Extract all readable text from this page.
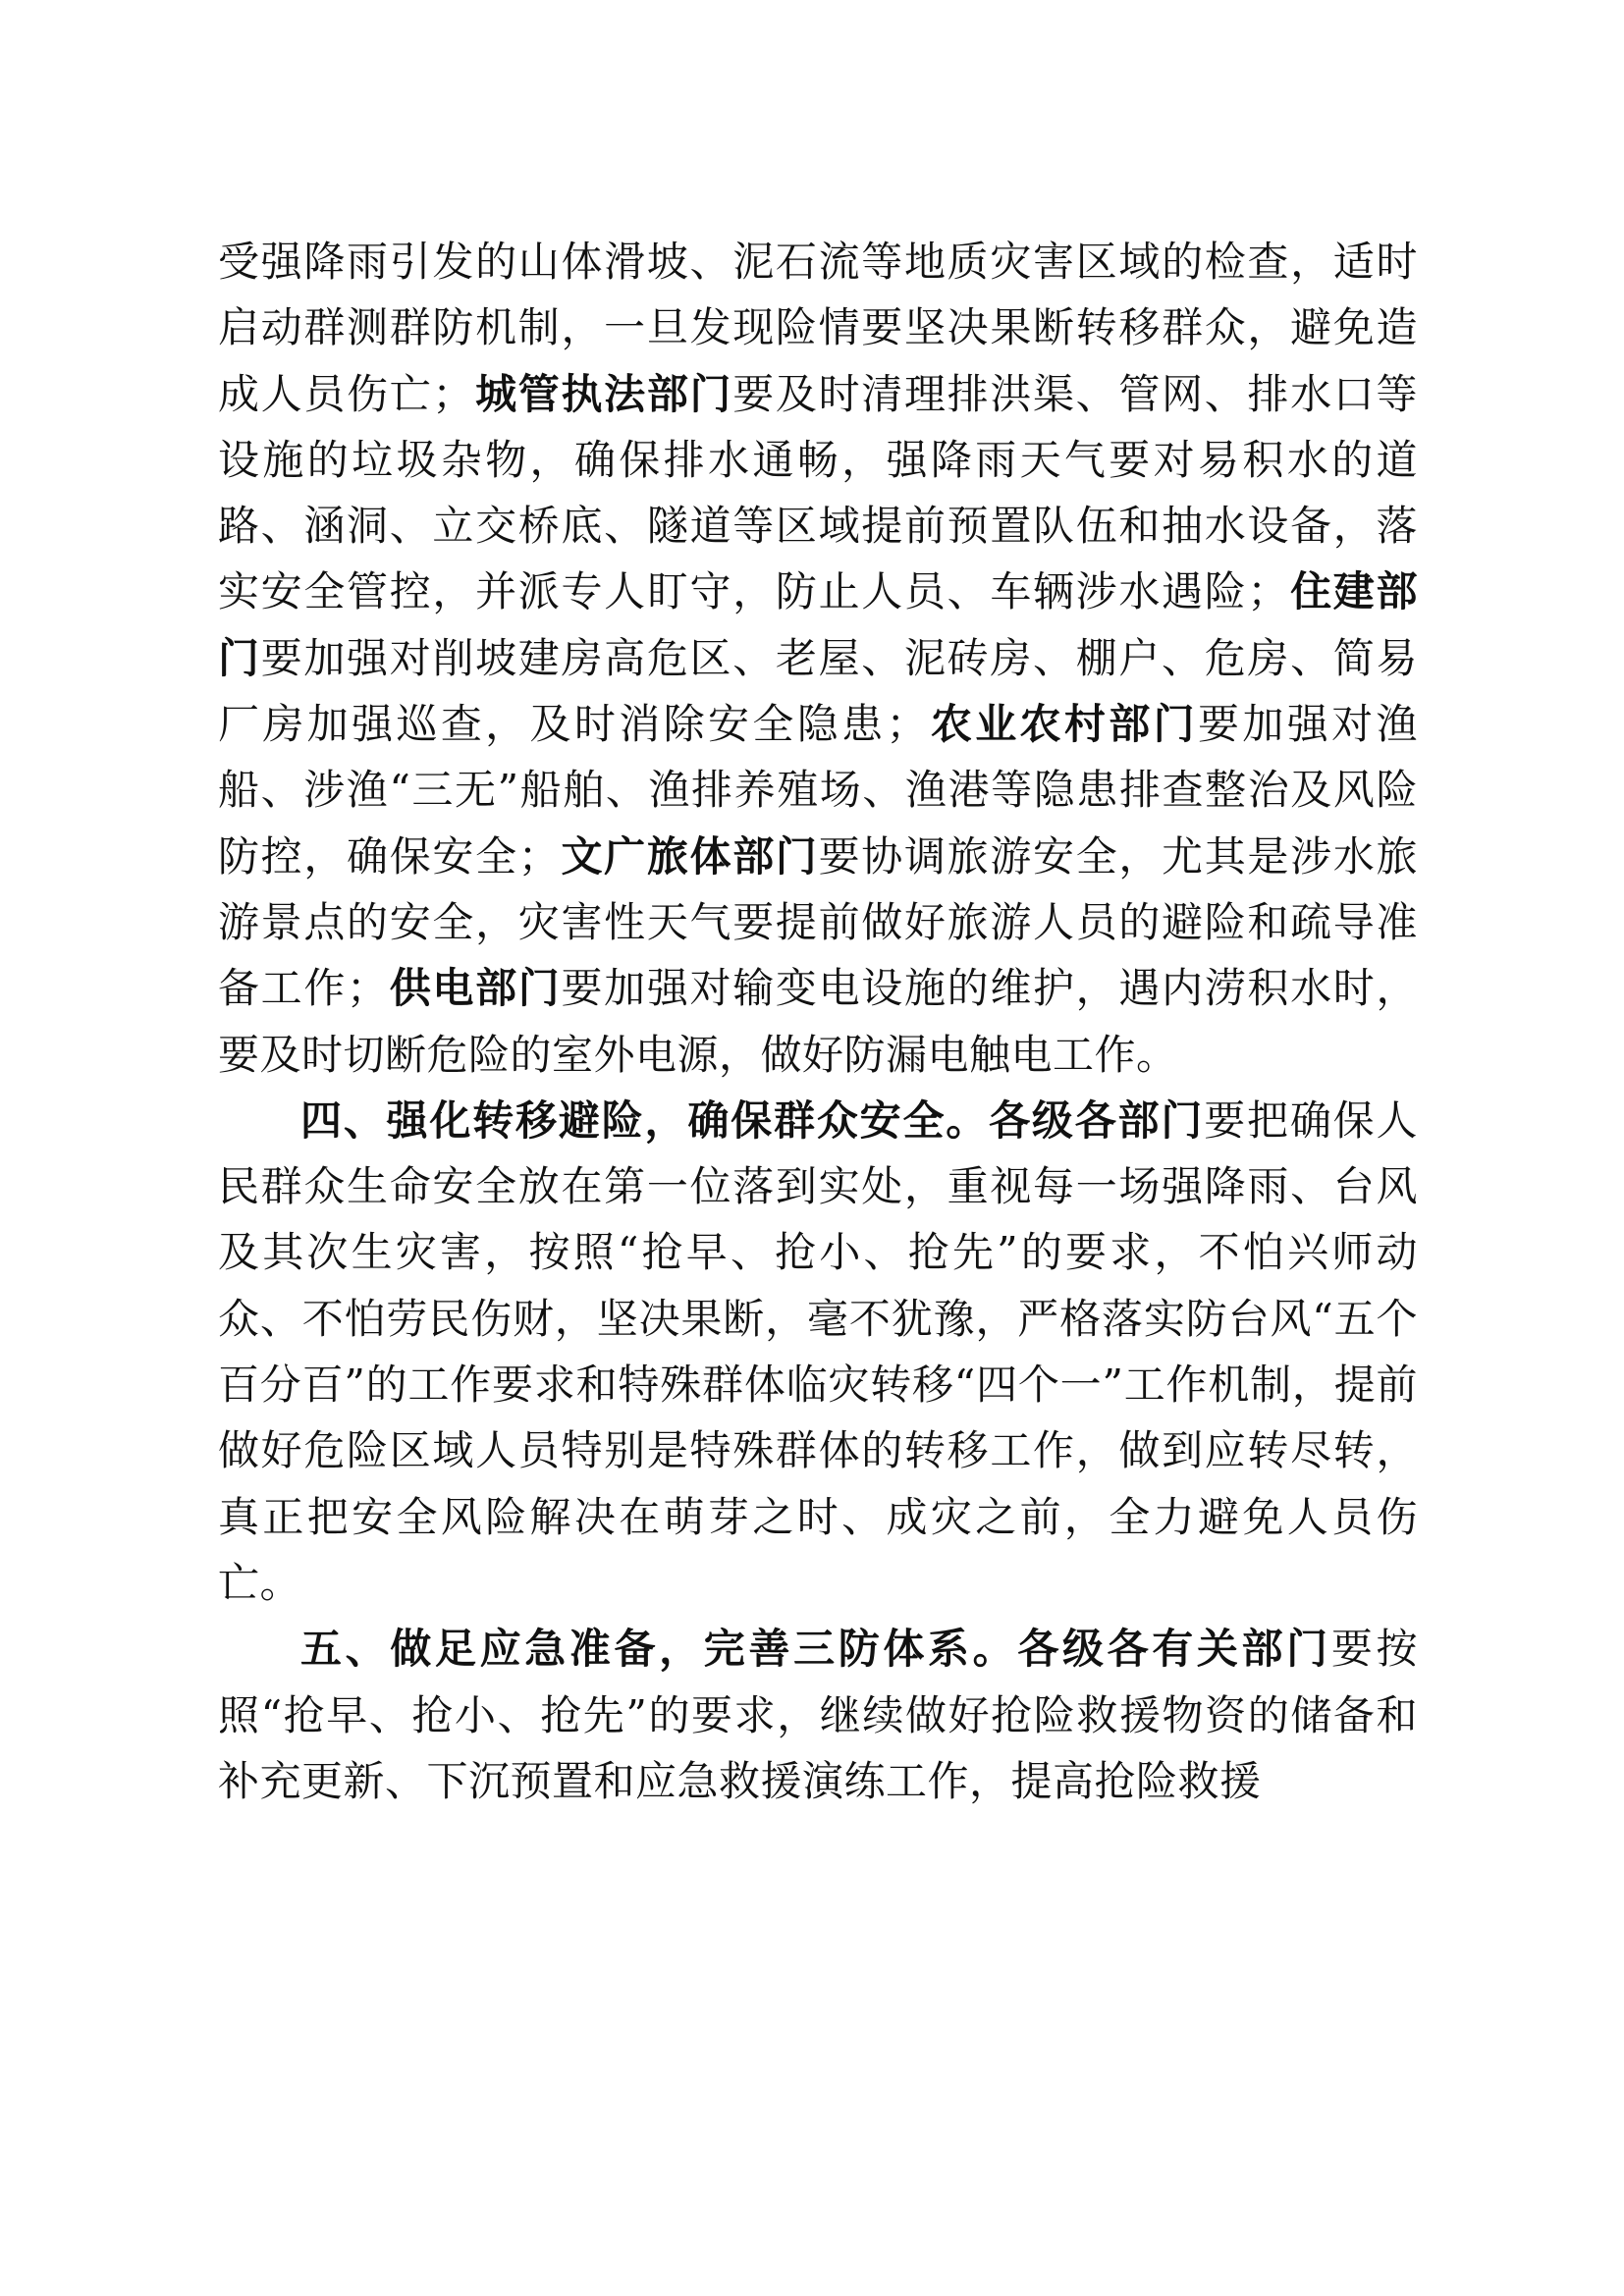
受强降雨引发的山体滑坡、泥石流等地质灾害区域的检查，适时启动群测群防机制，一旦发现险情要坚决果断转移群众，避免造成人员伤亡；城管执法部门要及时清理排洪渠、管网、排水口等设施的垃圾杂物，确保排水通畅，强降雨天气要对易积水的道路、涵洞、立交桥底、隧道等区域提前预置队伍和抽水设备，落实安全管控，并派专人盯守，防止人员、车辆涉水遇险；住建部门要加强对削坡建房高危区、老屋、泥砖房、棚户、危房、简易厂房加强巡查，及时消除安全隐患；农业农村部门要加强对渔船、涉渔“三无”船舶、渔排养殖场、渔港等隐患排查整治及风险防控，确保安全；文广旅体部门要协调旅游安全，尤其是涉水旅游景点的安全，灾害性天气要提前做好旅游人员的避险和疏导准备工作；供电部门要加强对输变电设施的维护，遇内涝积水时，要及时切断危险的室外电源，做好防漏电触电工作。

四、强化转移避险，确保群众安全。各级各部门要把确保人民群众生命安全放在第一位落到实处，重视每一场强降雨、台风及其次生灾害，按照“抢早、抢小、抢先”的要求，不怕兴师动众、不怕劳民伤财，坚决果断，毫不犹豫，严格落实防台风“五个百分百”的工作要求和特殊群体临灾转移“四个一”工作机制，提前做好危险区域人员特别是特殊群体的转移工作，做到应转尽转，真正把安全风险解决在萌芽之时、成灾之前，全力避免人员伤亡。

五、做足应急准备，完善三防体系。各级各有关部门要按照“抢早、抢小、抢先”的要求，继续做好抢险救援物资的储备和补充更新、下沉预置和应急救援演练工作，提高抢险救援
